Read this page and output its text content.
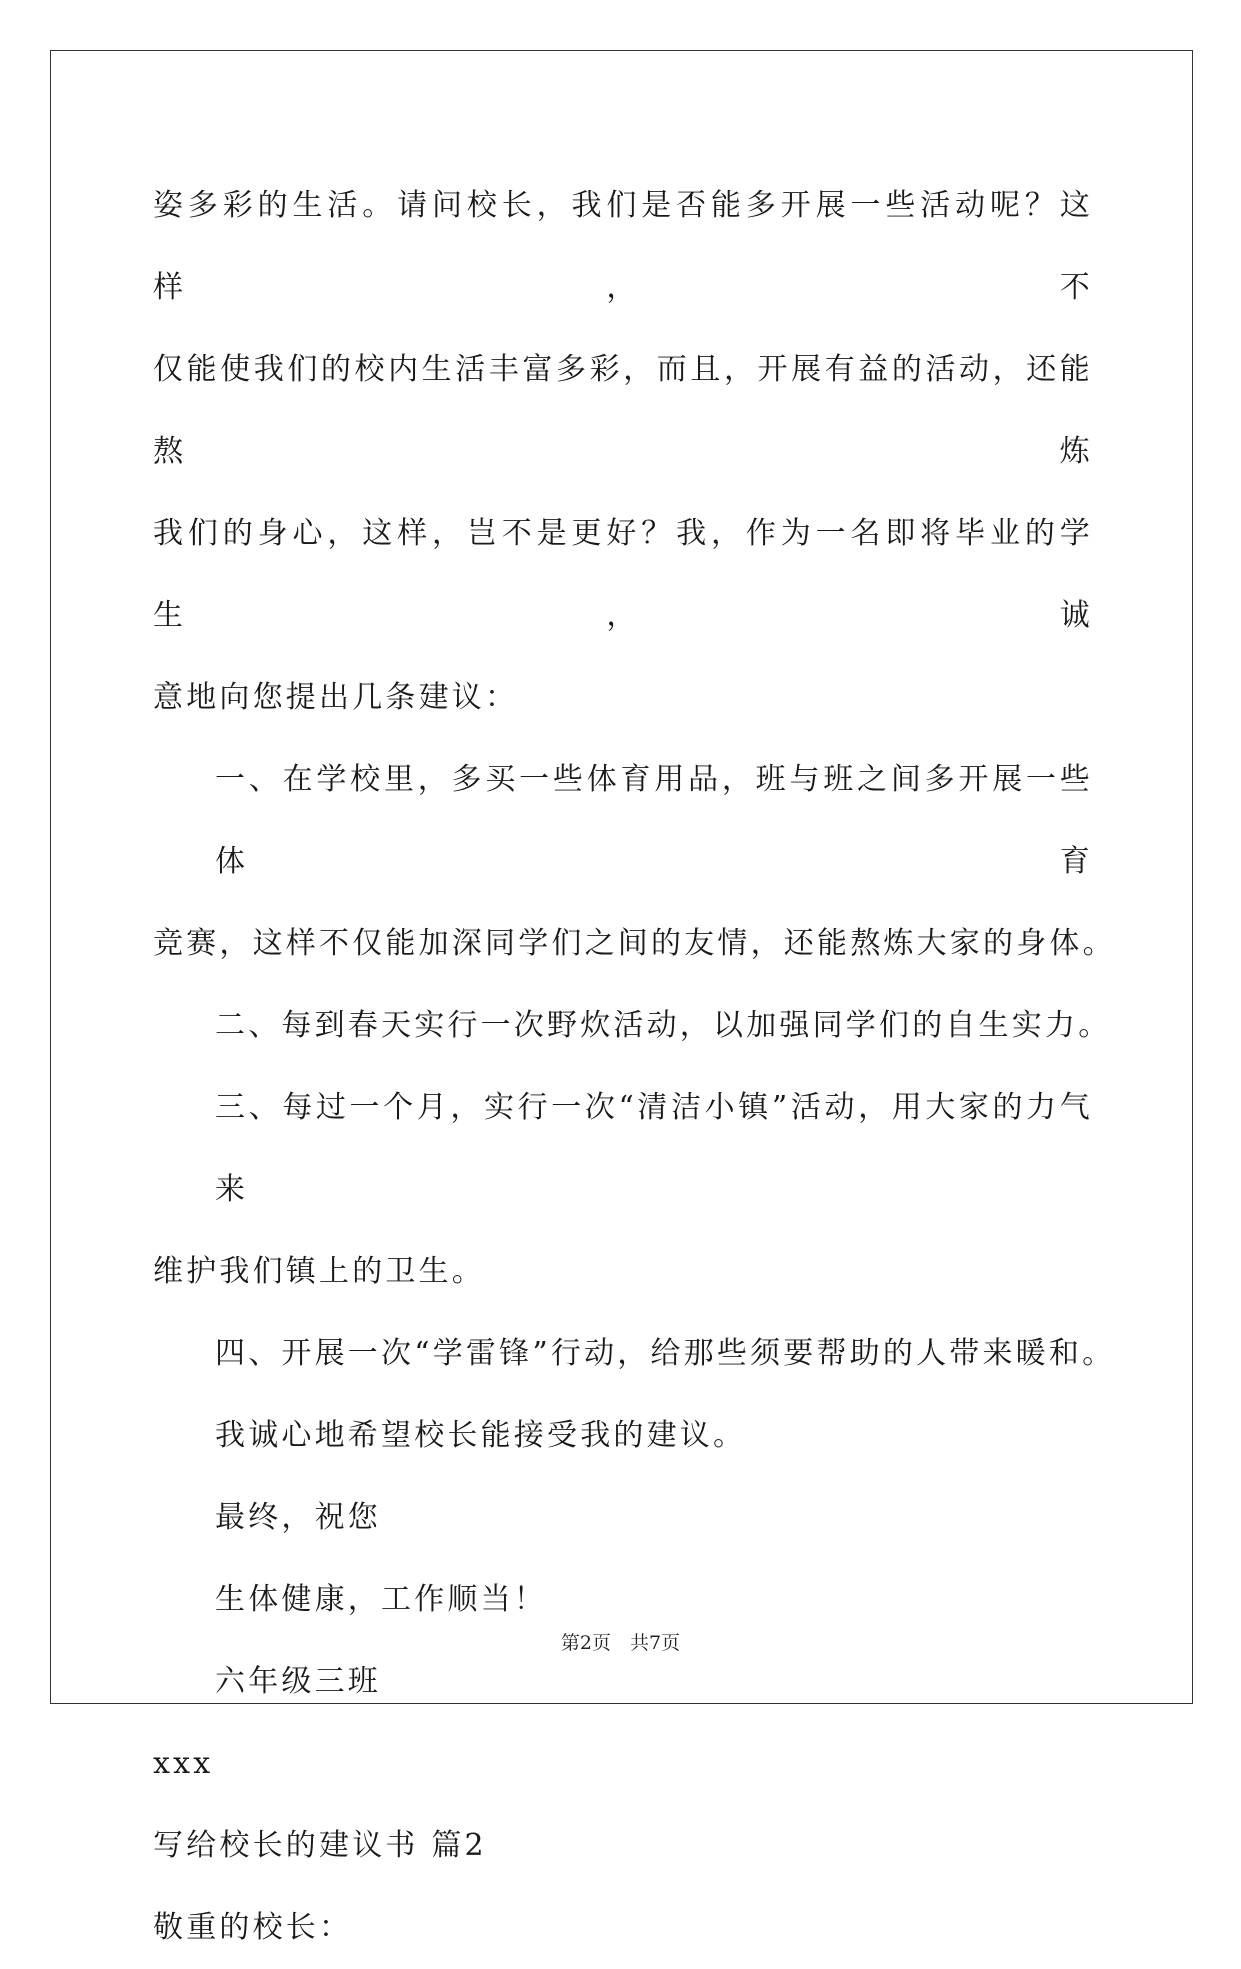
姿多彩的生活。请问校长，我们是否能多开展一些活动呢？这样，不
仅能使我们的校内生活丰富多彩，而且，开展有益的活动，还能熬炼
我们的身心，这样，岂不是更好？我，作为一名即将毕业的学生，诚
意地向您提出几条建议：

一、在学校里，多买一些体育用品，班与班之间多开展一些体育
竞赛，这样不仅能加深同学们之间的友情，还能熬炼大家的身体。

二、每到春天实行一次野炊活动，以加强同学们的自生实力。

三、每过一个月，实行一次“清洁小镇”活动，用大家的力气来
维护我们镇上的卫生。

四、开展一次“学雷锋”行动，给那些须要帮助的人带来暖和。

我诚心地希望校长能接受我的建议。

最终，祝您

生体健康，工作顺当！

六年级三班

xxx

写给校长的建议书 篇2

敬重的校长：

第2页　共7页
